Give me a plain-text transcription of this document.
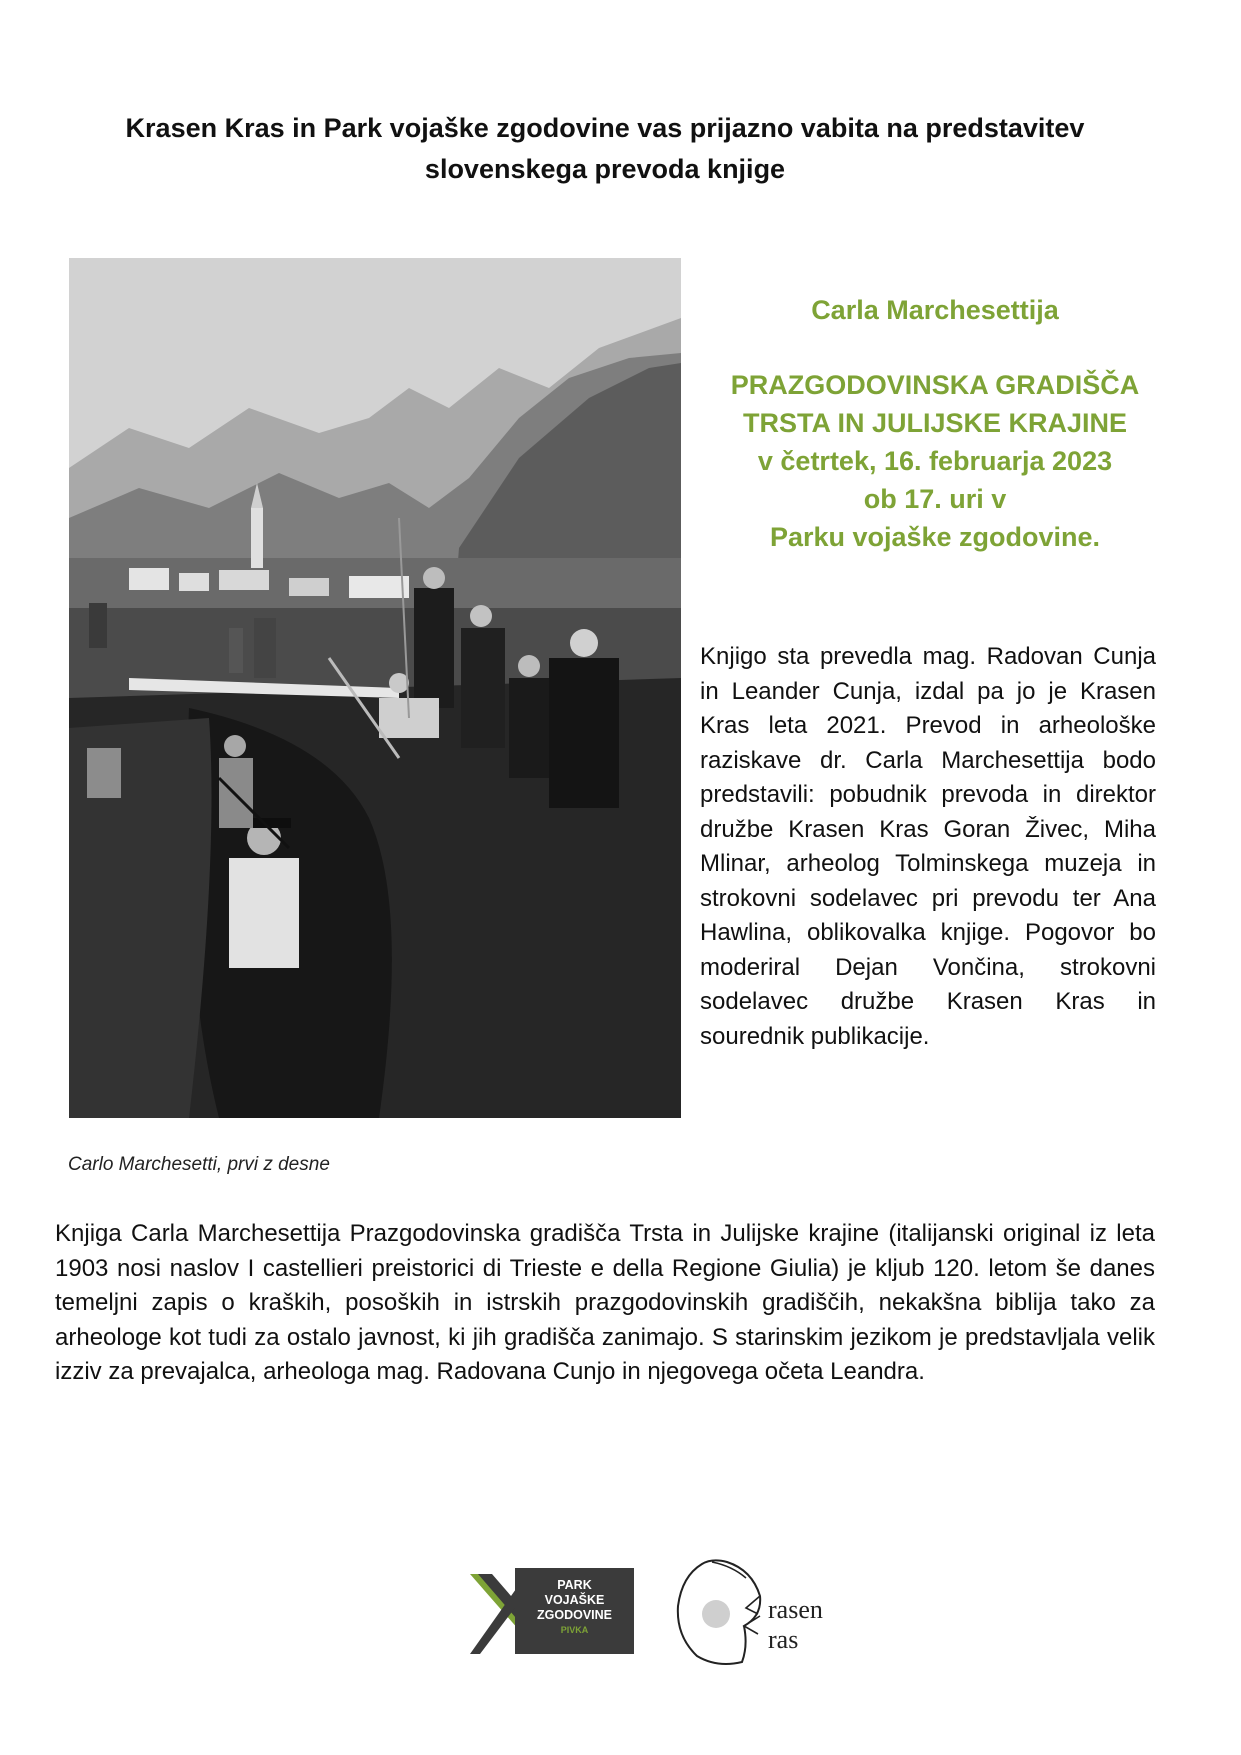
Krasen Kras in Park vojaške zgodovine vas prijazno vabita na predstavitev
slovenskega prevoda knjige
Carlo Marchesetti, prvi z desne
Carla Marchesettija
PRAZGODOVINSKA GRADIŠČA
TRSTA IN JULIJSKE KRAJINE
v četrtek, 16. februarja 2023
ob 17. uri v
Parku vojaške zgodovine.
Knjigo sta prevedla mag. Radovan Cunja in Leander Cunja, izdal pa jo je Krasen Kras leta 2021. Prevod in arheološke raziskave dr. Carla Marchesettija bodo predstavili: pobudnik prevoda in direktor družbe Krasen Kras Goran Živec, Miha Mlinar, arheolog Tolminskega muzeja in strokovni sodelavec pri prevodu ter Ana Hawlina, oblikovalka knjige. Pogovor bo moderiral Dejan Vončina, strokovni sodelavec družbe Krasen Kras in sourednik publikacije.
Knjiga Carla Marchesettija Prazgodovinska gradišča Trsta in Julijske krajine (italijanski original iz leta 1903 nosi naslov I castellieri preistorici di Trieste e della Regione Giulia) je kljub 120. letom še danes temeljni zapis o kraških, posoških in istrskih prazgodovinskih gradiščih, nekakšna biblija tako za arheologe kot tudi za ostalo javnost, ki jih gradišča zanimajo. S starinskim jezikom je predstavljala velik izziv za prevajalca, arheologa mag. Radovana Cunjo in njegovega očeta Leandra.
PARK
VOJAŠKE
ZGODOVINE
PIVKA
rasen
ras
